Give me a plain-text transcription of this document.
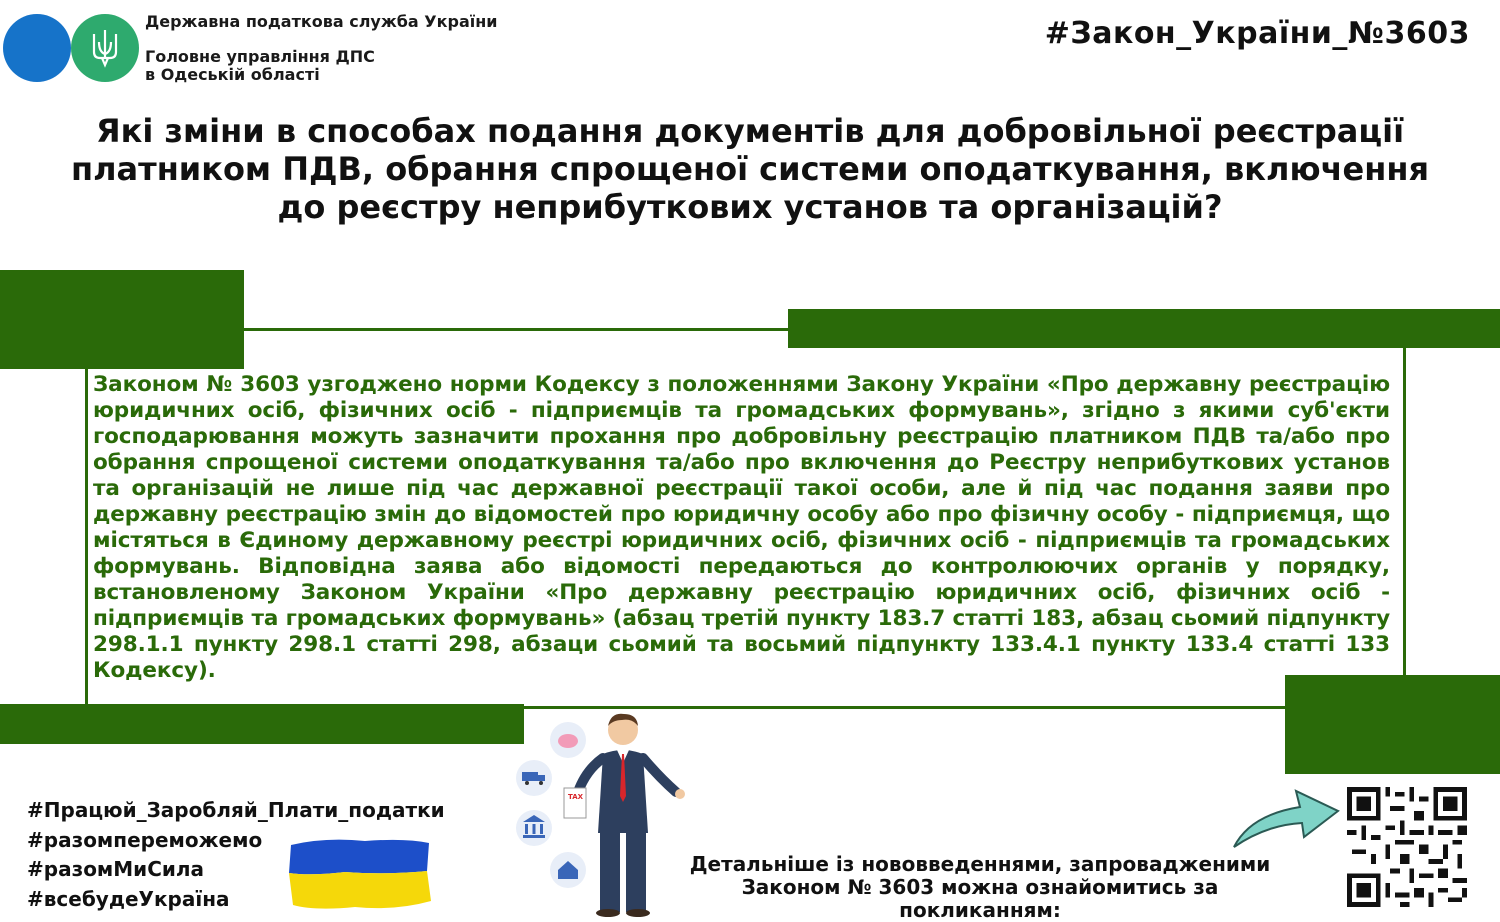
Державна податкова служба України
Головне управління ДПС
в Одеській області
#Закон_України_№3603
Які зміни в способах подання документів для добровільної реєстрації платником ПДВ, обрання спрощеної системи оподаткування, включення до реєстру неприбуткових установ та організацій?
Законом № 3603 узгоджено норми Кодексу з положеннями Закону України «Про державну реєстрацію юридичних осіб, фізичних осіб - підприємців та громадських формувань», згідно з якими суб'єкти господарювання можуть зазначити прохання про добровільну реєстрацію платником ПДВ та/або про обрання спрощеної системи оподаткування та/або про включення до Реєстру неприбуткових установ та організацій не лише під час державної реєстрації такої особи, але й під час подання заяви про державну реєстрацію змін до відомостей про юридичну особу або про фізичну особу - підприємця, що містяться в Єдиному державному реєстрі юридичних осіб, фізичних осіб - підприємців та громадських формувань. Відповідна заява або відомості передаються до контролюючих органів у порядку, встановленому Законом України «Про державну реєстрацію юридичних осіб, фізичних осіб - підприємців та громадських формувань» (абзац третій пункту 183.7 статті 183, абзац сьомий підпункту 298.1.1 пункту 298.1 статті 298, абзаци сьомий та восьмий підпункту 133.4.1 пункту 133.4 статті 133 Кодексу).
#Працюй_Заробляй_Плати_податки
#разомпереможемо
#разомМиСила
#всебудеУкраїна
TAX
Детальніше із нововведеннями, запровадженими
Законом № 3603 можна ознайомитись за покликанням:
